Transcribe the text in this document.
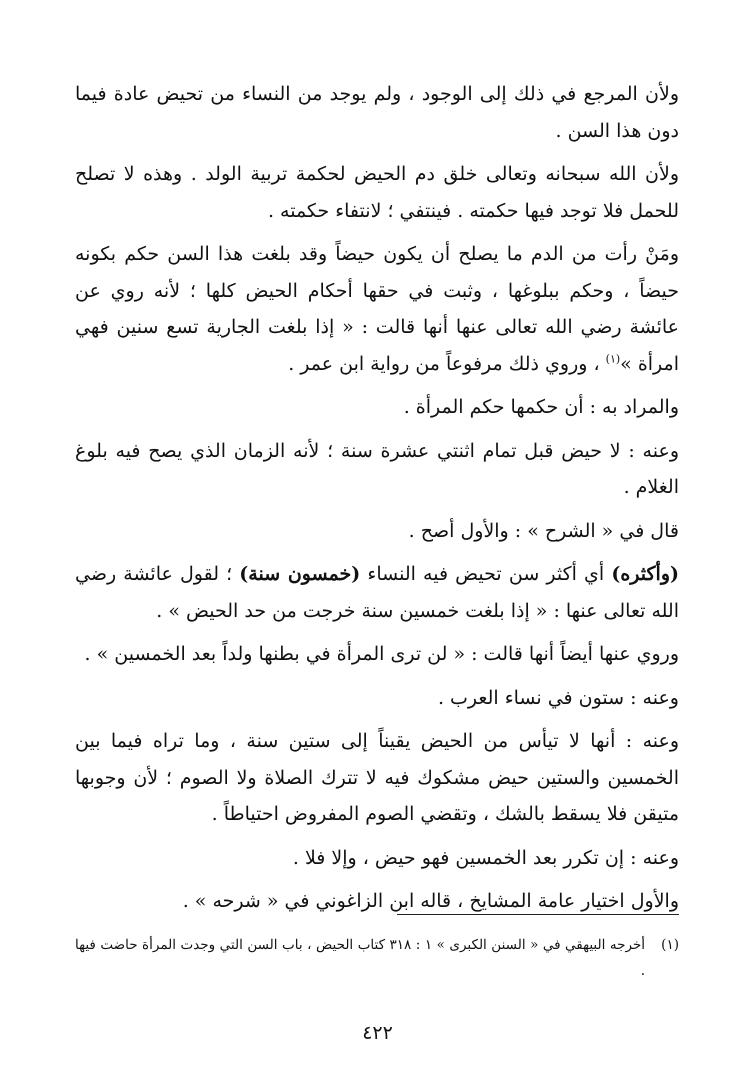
ولأن المرجع في ذلك إلى الوجود ، ولم يوجد من النساء من تحيض عادة فيما دون هذا السن .

ولأن الله سبحانه وتعالى خلق دم الحيض لحكمة تربية الولد . وهذه لا تصلح للحمل فلا توجد فيها حكمته . فينتفي ؛ لانتفاء حكمته .

ومَنْ رأت من الدم ما يصلح أن يكون حيضاً وقد بلغت هذا السن حكم بكونه حيضاً ، وحكم ببلوغها ، وثبت في حقها أحكام الحيض كلها ؛ لأنه روي عن عائشة رضي الله تعالى عنها أنها قالت : « إذا بلغت الجارية تسع سنين فهي امرأة »$^{(١)}$ ، وروي ذلك مرفوعاً من رواية ابن عمر .

والمراد به : أن حكمها حكم المرأة .

وعنه : لا حيض قبل تمام اثنتي عشرة سنة ؛ لأنه الزمان الذي يصح فيه بلوغ الغلام .

قال في « الشرح » : والأول أصح .

(وأكثره) أي أكثر سن تحيض فيه النساء (خمسون سنة) ؛ لقول عائشة رضي الله تعالى عنها : « إذا بلغت خمسين سنة خرجت من حد الحيض » .

وروي عنها أيضاً أنها قالت : « لن ترى المرأة في بطنها ولداً بعد الخمسين » .

وعنه : ستون في نساء العرب .

وعنه : أنها لا تيأس من الحيض يقيناً إلى ستين سنة ، وما تراه فيما بين الخمسين والستين حيض مشكوك فيه لا تترك الصلاة ولا الصوم ؛ لأن وجوبها متيقن فلا يسقط بالشك ، وتقضي الصوم المفروض احتياطاً .

وعنه : إن تكرر بعد الخمسين فهو حيض ، وإلا فلا .

والأول اختيار عامة المشايخ ، قاله ابن الزاغوني في « شرحه » .

(١)
أخرجه البيهقي في « السنن الكبرى » ١ : ٣١٨ كتاب الحيض ، باب السن التي وجدت المرأة حاضت فيها .
٤٢٢
